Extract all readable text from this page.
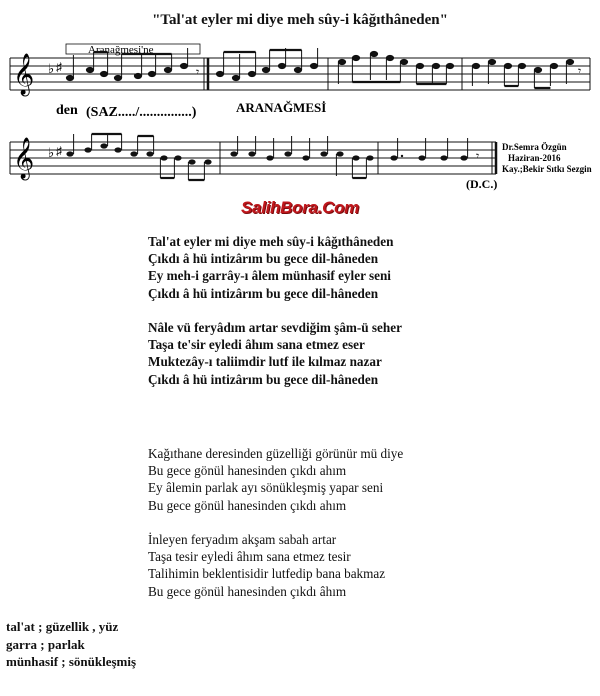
"Tal'at eyler mi diye meh sûy-i kâğıthâneden"
Aranağmesi'ne
𝄞 ♭ ♯	𝄾
𝄾
den (SAZ...../...............)	ARANAĞMESİ
𝄞 ♭ ♯	𝄾
(D.C.)
Dr.Semra Özgün
Haziran-2016
Kay.;Bekir Sıtkı Sezgin
SalihBora.Com
Tal'at eyler mi diye meh sûy-i kâğıthâneden
Çıkdı â hü intizârım bu gece dil-hâneden
Ey meh-i garrây-ı âlem münhasif eyler seni
Çıkdı â hü intizârım bu gece dil-hâneden
Nâle vü feryâdım artar sevdiğim şâm-ü seher
Taşa te'sir eyledi âhım sana etmez eser
Muktezây-ı taliimdir lutf ile kılmaz nazar
Çıkdı â hü intizârım bu gece dil-hâneden
Kağıthane deresinden güzelliği görünür mü diye
Bu gece gönül hanesinden çıkdı ahım
Ey âlemin parlak ayı sönükleşmiş yapar seni
Bu gece gönül hanesinden çıkdı ahım
İnleyen feryadım akşam sabah artar
Taşa tesir eyledi âhım sana etmez tesir
Talihimin beklentisidir lutfedip bana bakmaz
Bu gece gönül hanesinden çıkdı âhım
tal'at ; güzellik , yüz
garra ; parlak
münhasif ; sönükleşmiş
